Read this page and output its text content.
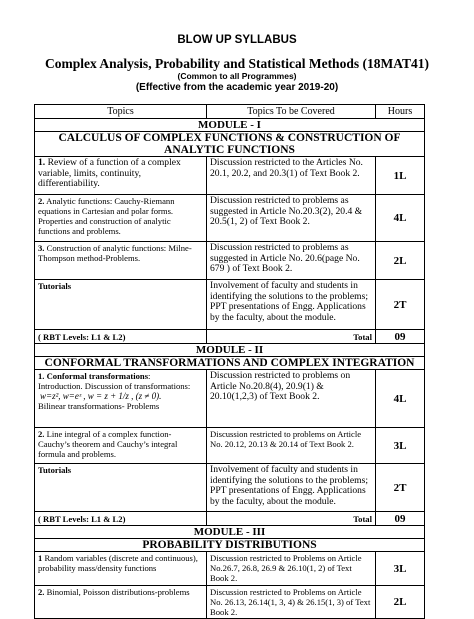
BLOW UP SYLLABUS
Complex Analysis, Probability and Statistical Methods (18MAT41)
(Common to all Programmes)
(Effective from the academic year 2019-20)
Topics	Topics To be Covered	Hours
MODULE - I		
CALCULUS OF COMPLEX FUNCTIONS & CONSTRUCTION OF ANALYTIC FUNCTIONS		
1. Review of a function of a complex variable, limits, continuity, differentiability.	Discussion restricted to the Articles No. 20.1, 20.2, and 20.3(1) of Text Book 2.	1L
2. Analytic functions: Cauchy-Riemann equations in Cartesian and polar forms. Properties and construction of analytic functions and problems.	Discussion restricted to problems as suggested in Article No.20.3(2), 20.4 & 20.5(1, 2) of Text Book 2.	4L
3. Construction of analytic functions: Milne-Thompson method-Problems.	Discussion restricted to problems as suggested in Article No. 20.6(page No. 679 ) of Text Book 2.	2L
Tutorials	Involvement of faculty and students in identifying the solutions to the problems; PPT presentations of Engg. Applications by the faculty, about the module.	2T
( RBT Levels: L1 & L2)	Total	09
MODULE - II		
CONFORMAL TRANSFORMATIONS AND COMPLEX INTEGRATION		
1. Conformal transformations:
Introduction. Discussion of transformations:
w=z², w=eᶻ , w = z + 1/z , (z ≠ 0).
Bilinear transformations- Problems	Discussion restricted to problems on Article No.20.8(4), 20.9(1) & 20.10(1,2,3) of Text Book 2.	4L
2. Line integral of a complex function-Cauchy’s theorem and Cauchy’s integral formula and problems.	Discussion restricted to problems on Article No. 20.12, 20.13 & 20.14 of Text Book 2.	3L
Tutorials	Involvement of faculty and students in identifying the solutions to the problems; PPT presentations of Engg. Applications by the faculty, about the module.	2T
( RBT Levels: L1 & L2)	Total	09
MODULE - III		
PROBABILITY DISTRIBUTIONS		
1 Random variables (discrete and continuous), probability mass/density functions	Discussion restricted to Problems on Article No.26.7, 26.8, 26.9 & 26.10(1, 2) of Text Book 2.	3L
2. Binomial, Poisson distributions-problems	Discussion restricted to Problems on Article No. 26.13, 26.14(1, 3, 4) & 26.15(1, 3) of Text Book 2.	2L
